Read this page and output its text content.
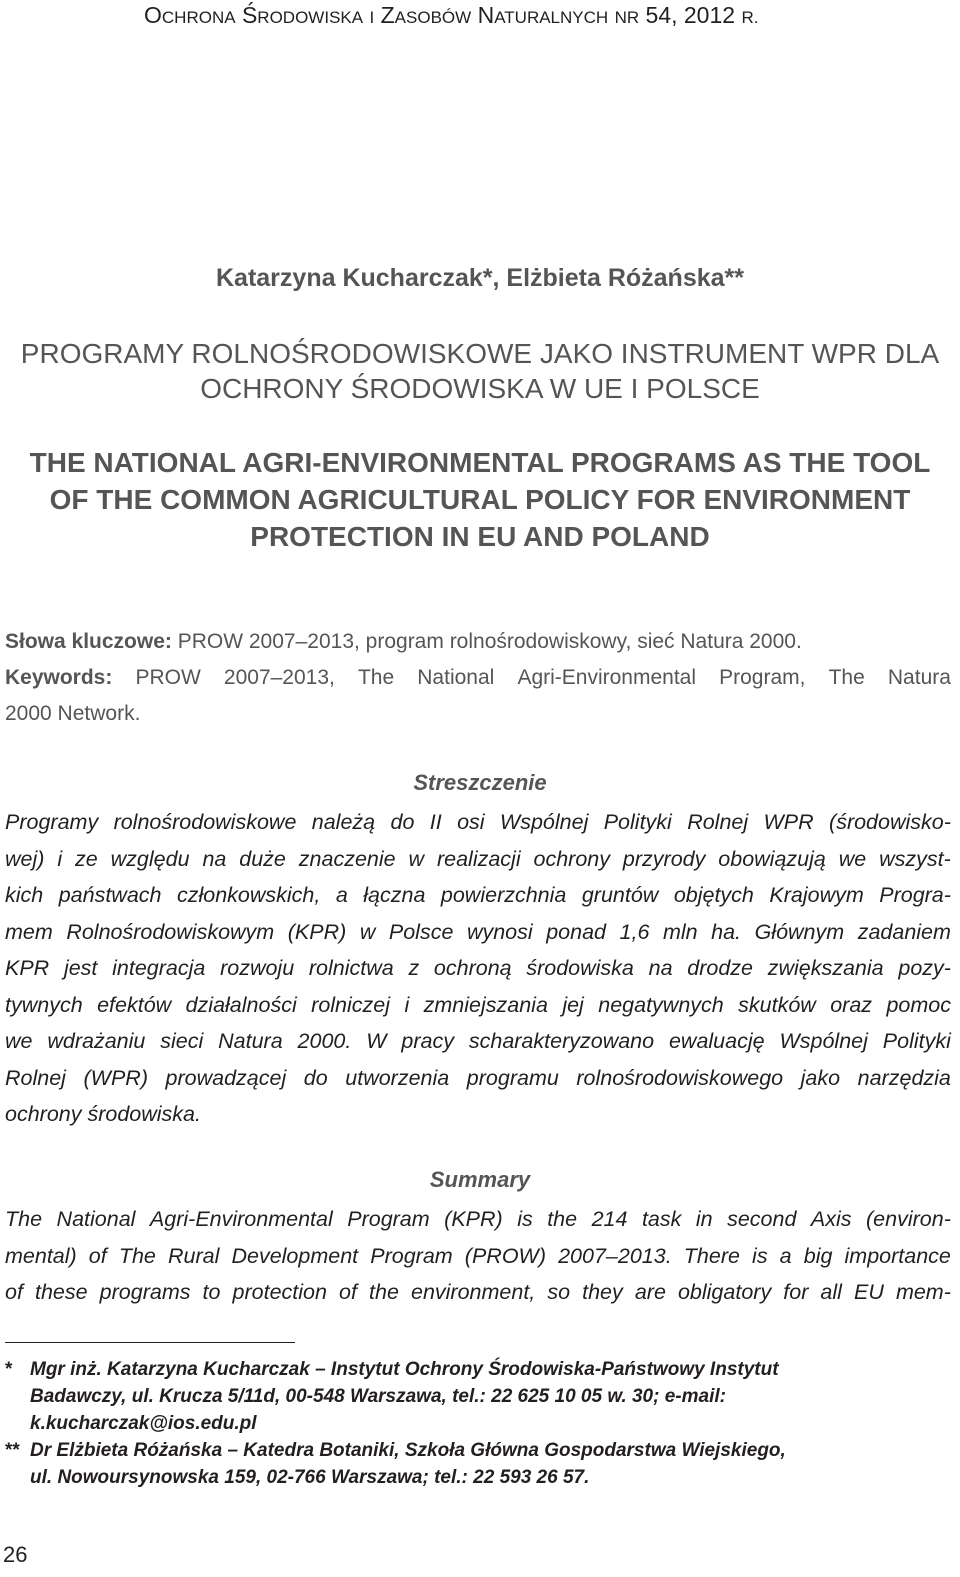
OCHRONA ŚRODOWISKA I ZASOBÓW NATURALNYCH NR 54, 2012 R.
Katarzyna Kucharczak*, Elżbieta Różańska**
PROGRAMY ROLNOŚRODOWISKOWE JAKO INSTRUMENT WPR DLA
OCHRONY ŚRODOWISKA W UE I POLSCE
THE NATIONAL AGRI-ENVIRONMENTAL PROGRAMS AS THE TOOL
OF THE COMMON AGRICULTURAL POLICY FOR ENVIRONMENT
PROTECTION IN EU AND POLAND
Słowa kluczowe: PROW 2007–2013, program rolnośrodowiskowy, sieć Natura 2000.
Keywords: PROW 2007–2013, The National Agri-Environmental Program, The Natura
2000 Network.
Streszczenie
Programy rolnośrodowiskowe należą do II osi Wspólnej Polityki Rolnej WPR (środowisko-
wej) i ze względu na duże znaczenie w realizacji ochrony przyrody obowiązują we wszyst-
kich państwach członkowskich, a łączna powierzchnia gruntów objętych Krajowym Progra-
mem Rolnośrodowiskowym (KPR) w Polsce wynosi ponad 1,6 mln ha. Głównym zadaniem
KPR jest integracja rozwoju rolnictwa z ochroną środowiska na drodze zwiększania pozy-
tywnych efektów działalności rolniczej i zmniejszania jej negatywnych skutków oraz pomoc
we wdrażaniu sieci Natura 2000. W pracy scharakteryzowano ewaluację Wspólnej Polityki
Rolnej (WPR) prowadzącej do utworzenia programu rolnośrodowiskowego jako narzędzia
ochrony środowiska.
Summary
The National Agri-Environmental Program (KPR) is the 214 task in second Axis (environ-
mental) of The Rural Development Program (PROW) 2007–2013. There is a big importance
of these programs to protection of the environment, so they are obligatory for all EU mem-
* Mgr inż. Katarzyna Kucharczak – Instytut Ochrony Środowiska-Państwowy Instytut
Badawczy, ul. Krucza 5/11d, 00-548 Warszawa, tel.: 22 625 10 05 w. 30; e-mail:
k.kucharczak@ios.edu.pl
** Dr Elżbieta Różańska – Katedra Botaniki, Szkoła Główna Gospodarstwa Wiejskiego,
ul. Nowoursynowska 159, 02-766 Warszawa; tel.: 22 593 26 57.
26
